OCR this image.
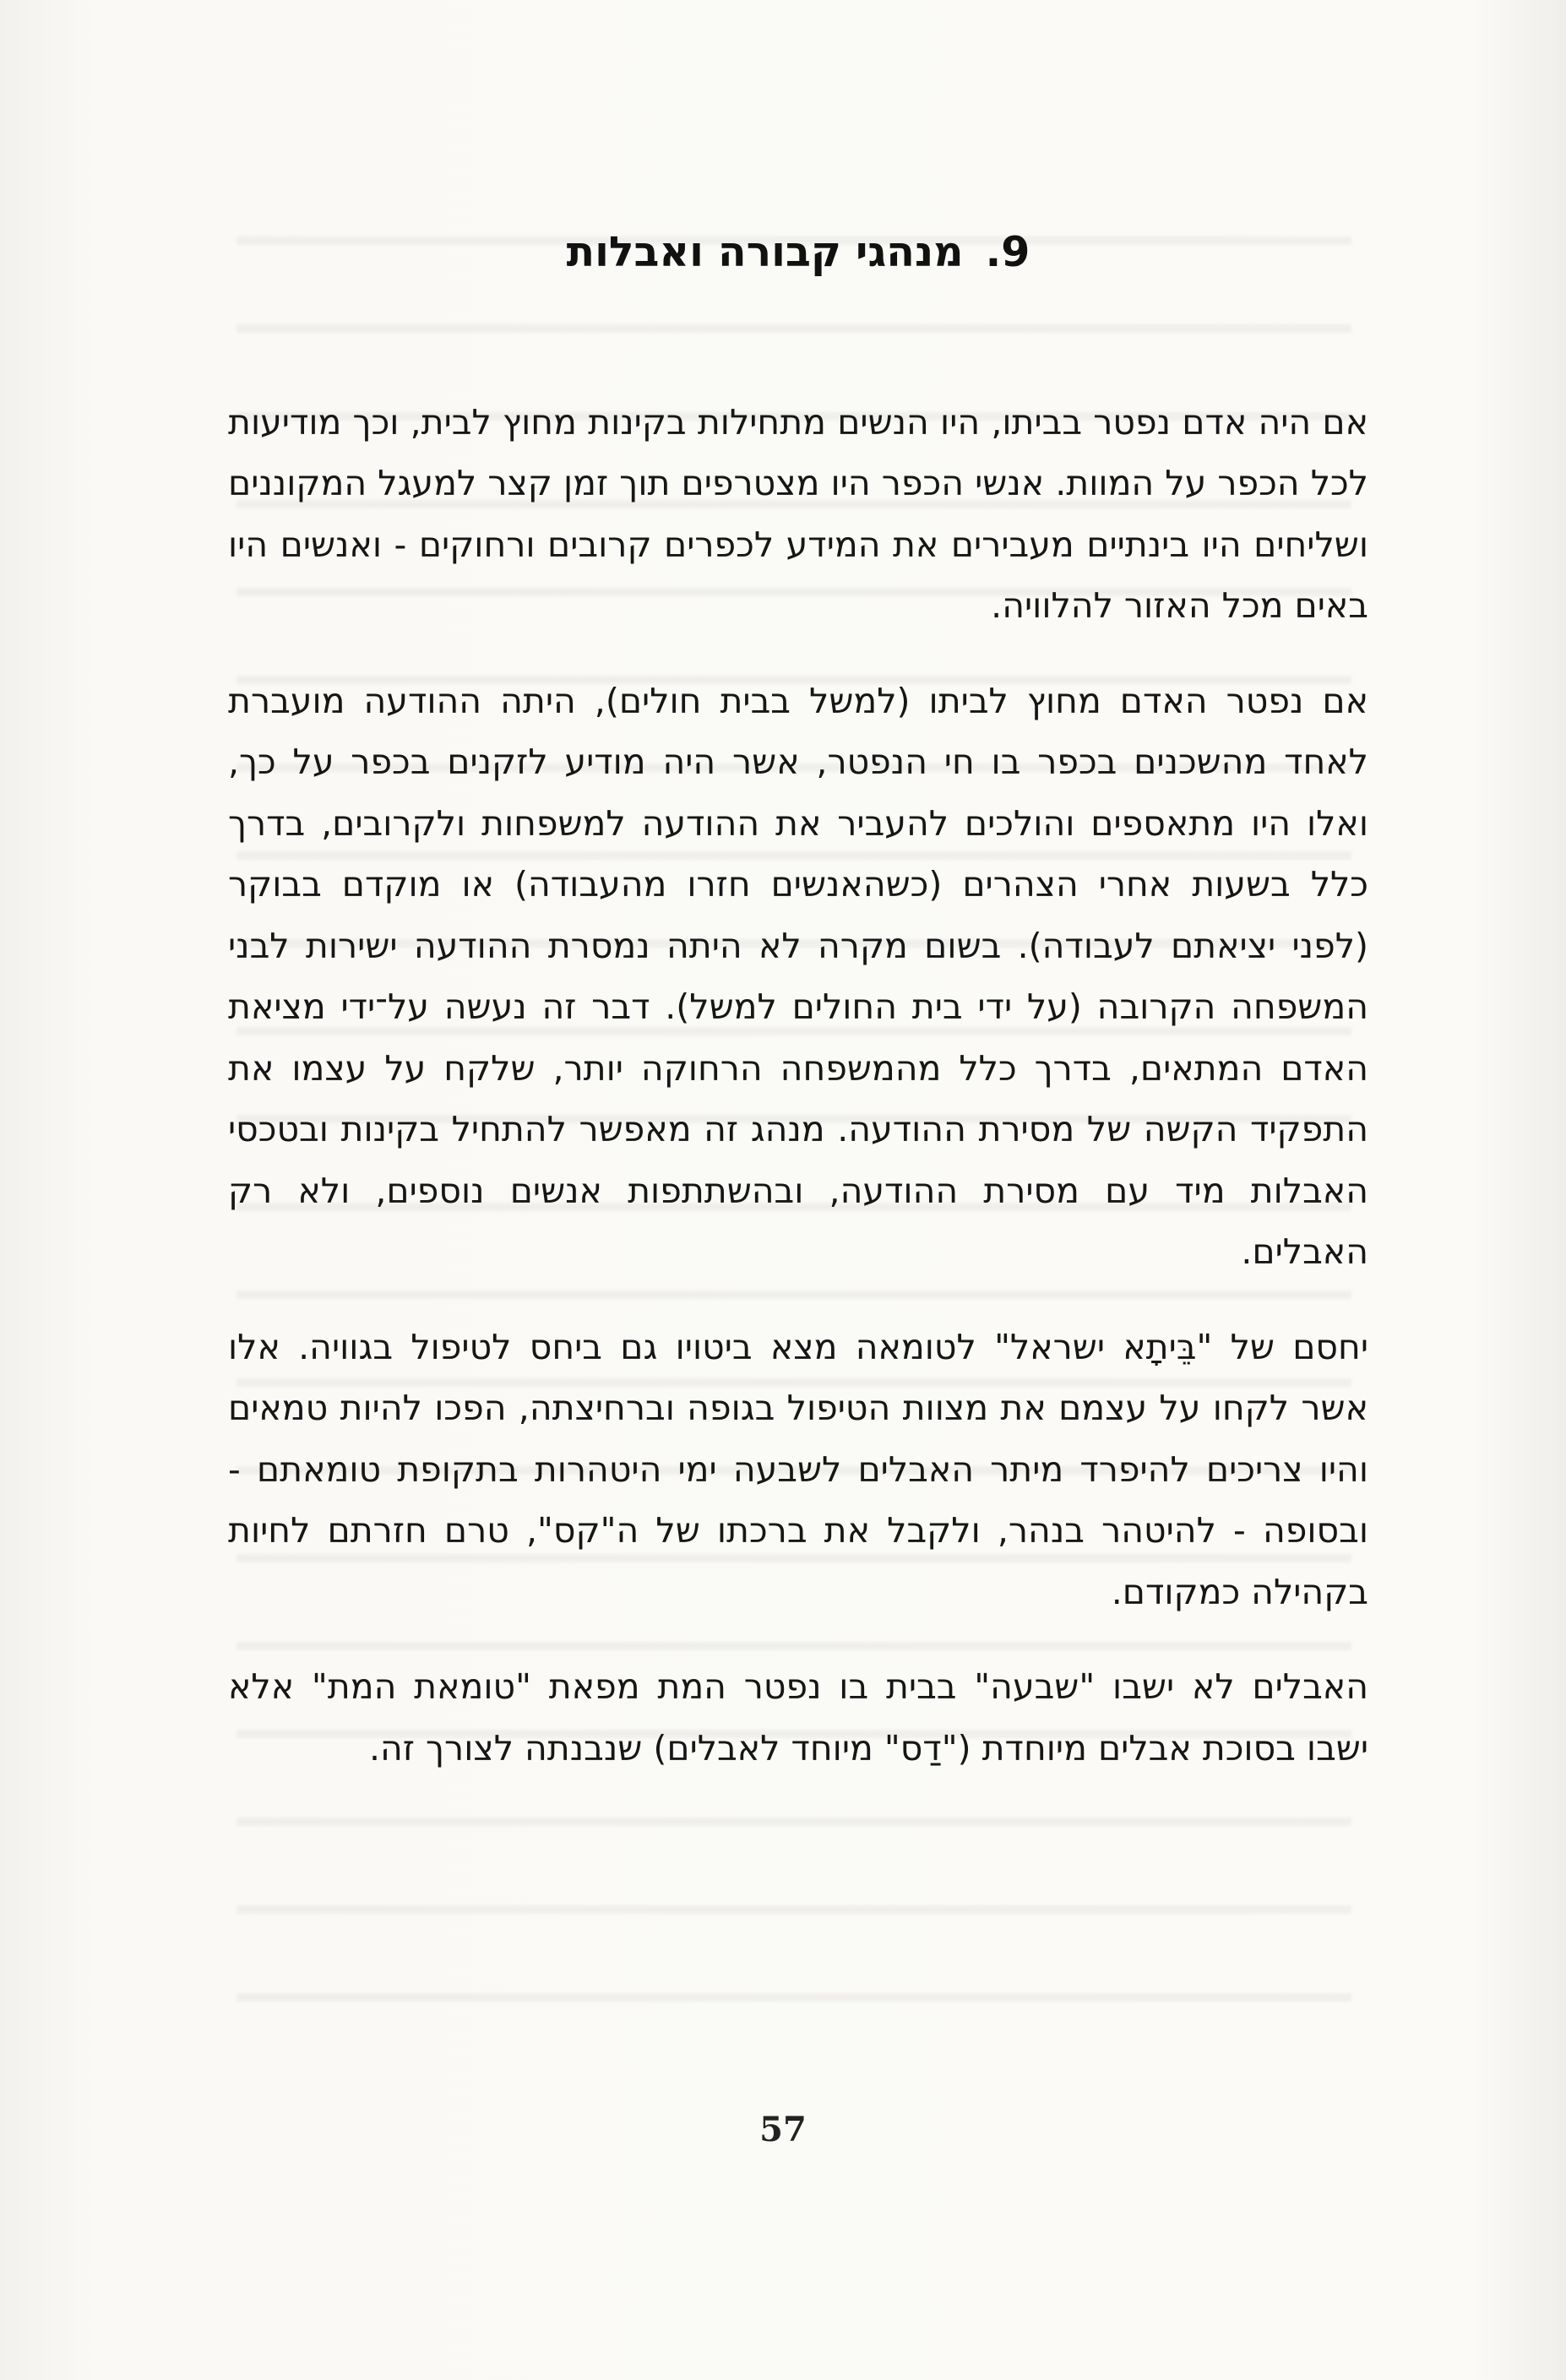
9.מנהגי קבורה ואבלות

אם היה אדם נפטר בביתו, היו הנשים מתחילות בקינות מחוץ לבית, וכך מודיעות לכל הכפר על המוות. אנשי הכפר היו מצטרפים תוך זמן קצר למעגל המקוננים ושליחים היו בינתיים מעבירים את המידע לכפרים קרובים ורחוקים - ואנשים היו באים מכל האזור להלוויה.

אם נפטר האדם מחוץ לביתו (למשל בבית חולים), היתה ההודעה מועברת לאחד מהשכנים בכפר בו חי הנפטר, אשר היה מודיע לזקנים בכפר על כך, ואלו היו מתאספים והולכים להעביר את ההודעה למשפחות ולקרובים, בדרך כלל בשעות אחרי הצהרים (כשהאנשים חזרו מהעבודה) או מוקדם בבוקר (לפני יציאתם לעבודה). בשום מקרה לא היתה נמסרת ההודעה ישירות לבני המשפחה הקרובה (על ידי בית החולים למשל). דבר זה נעשה על־ידי מציאת האדם המתאים, בדרך כלל מהמשפחה הרחוקה יותר, שלקח על עצמו את התפקיד הקשה של מסירת ההודעה. מנהג זה מאפשר להתחיל בקינות ובטכסי האבלות מיד עם מסירת ההודעה, ובהשתתפות אנשים נוספים, ולא רק האבלים.

יחסם של "בֵּיתָא ישראל" לטומאה מצא ביטויו גם ביחס לטיפול בגוויה. אלו אשר לקחו על עצמם את מצוות הטיפול בגופה וברחיצתה, הפכו להיות טמאים והיו צריכים להיפרד מיתר האבלים לשבעה ימי היטהרות בתקופת טומאתם - ובסופה - להיטהר בנהר, ולקבל את ברכתו של ה"קס", טרם חזרתם לחיות בקהילה כמקודם.

האבלים לא ישבו "שבעה" בבית בו נפטר המת מפאת "טומאת המת" אלא ישבו בסוכת אבלים מיוחדת ("דַס" מיוחד לאבלים) שנבנתה לצורך זה.

57
